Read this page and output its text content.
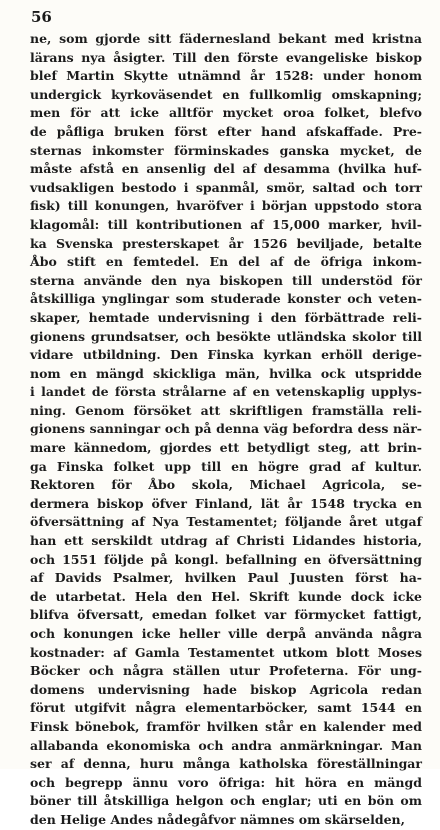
56
ne, som gjorde sitt fädernesland bekant med kristna
lärans nya åsigter. Till den förste evangeliske biskop
blef Martin Skytte utnämnd år 1528: under honom
undergick kyrkoväsendet en fullkomlig omskapning;
men för att icke alltför mycket oroa folket, blefvo
de påfliga bruken först efter hand afskaffade. Pre-
sternas inkomster förminskades ganska mycket, de
måste afstå en ansenlig del af desamma (hvilka huf-
vudsakligen bestodo i spanmål, smör, saltad och torr
fisk) till konungen, hvaröfver i början uppstodo stora
klagomål: till kontributionen af 15,000 marker, hvil-
ka Svenska presterskapet år 1526 beviljade, betalte
Åbo stift en femtedel. En del af de öfriga inkom-
sterna använde den nya biskopen till understöd för
åtskilliga ynglingar som studerade konster och veten-
skaper, hemtade undervisning i den förbättrade reli-
gionens grundsatser, och besökte utländska skolor till
vidare utbildning. Den Finska kyrkan erhöll derige-
nom en mängd skickliga män, hvilka ock utspridde
i landet de första strålarne af en vetenskaplig upplys-
ning. Genom försöket att skriftligen framställa reli-
gionens sanningar och på denna väg befordra dess när-
mare kännedom, gjordes ett betydligt steg, att brin-
ga Finska folket upp till en högre grad af kultur.
Rektoren för Åbo skola, Michael Agricola, se-
dermera biskop öfver Finland, lät år 1548 trycka en
öfversättning af Nya Testamentet; följande året utgaf
han ett serskildt utdrag af Christi Lidandes historia,
och 1551 följde på kongl. befallning en öfversättning
af Davids Psalmer, hvilken Paul Juusten först ha-
de utarbetat. Hela den Hel. Skrift kunde dock icke
blifva öfversatt, emedan folket var förmycket fattigt,
och konungen icke heller ville derpå använda några
kostnader: af Gamla Testamentet utkom blott Moses
Böcker och några ställen utur Profeterna. För ung-
domens undervisning hade biskop Agricola redan
förut utgifvit några elementarböcker, samt 1544 en
Finsk bönebok, framför hvilken står en kalender med
allabanda ekonomiska och andra anmärkningar. Man
ser af denna, huru många katholska föreställningar
och begrepp ännu voro öfriga: hit höra en mängd
böner till åtskilliga helgon och englar; uti en bön om
den Helige Andes nådegåfvor nämnes om skärselden,
